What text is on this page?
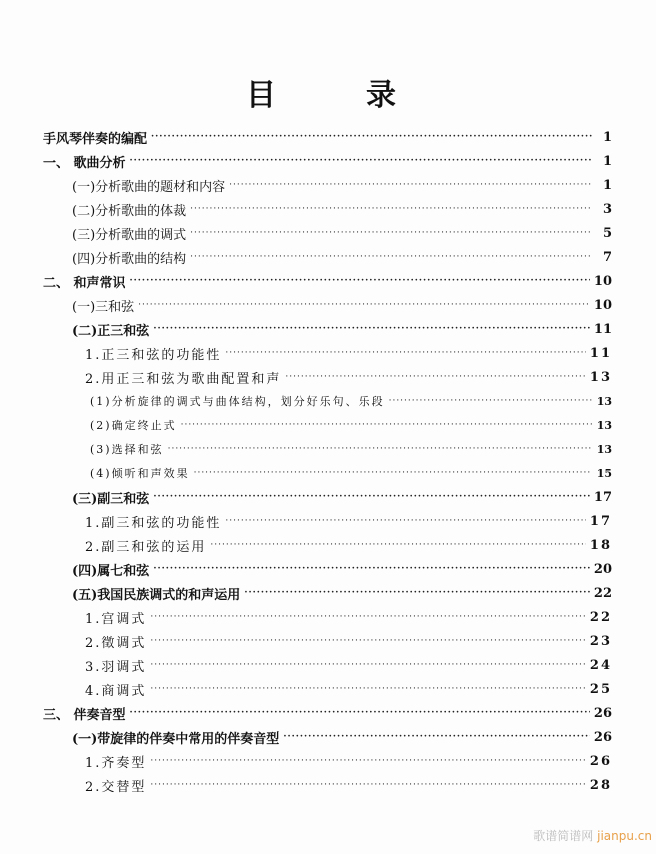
目	录
手风琴伴奏的编配 ·····	1
一、 歌曲分析 ·····	1
(一)分析歌曲的题材和内容 ·····	1
(二)分析歌曲的体裁 ·····	3
(三)分析歌曲的调式 ·····	5
(四)分析歌曲的结构 ·····	7
二、 和声常识 ·····	10
(一)三和弦 ·····	10
(二)正三和弦 ·····	11
1.正三和弦的功能性 ·····	11
2.用正三和弦为歌曲配置和声 ·····	13
(1)分析旋律的调式与曲体结构，划分好乐句、乐段 ·····	13
(2)确定终止式 ·····	13
(3)选择和弦 ·····	13
(4)倾听和声效果 ·····	15
(三)副三和弦 ·····	17
1.副三和弦的功能性 ·····	17
2.副三和弦的运用 ·····	18
(四)属七和弦 ·····	20
(五)我国民族调式的和声运用 ·····	22
1.宫调式 ·····	22
2.徵调式 ·····	23
3.羽调式 ·····	24
4.商调式 ·····	25
三、 伴奏音型 ·····	26
(一)带旋律的伴奏中常用的伴奏音型 ·····	26
1.齐奏型 ·····	26
2.交替型 ·····	28
歌谱简谱网 jianpu.cn
